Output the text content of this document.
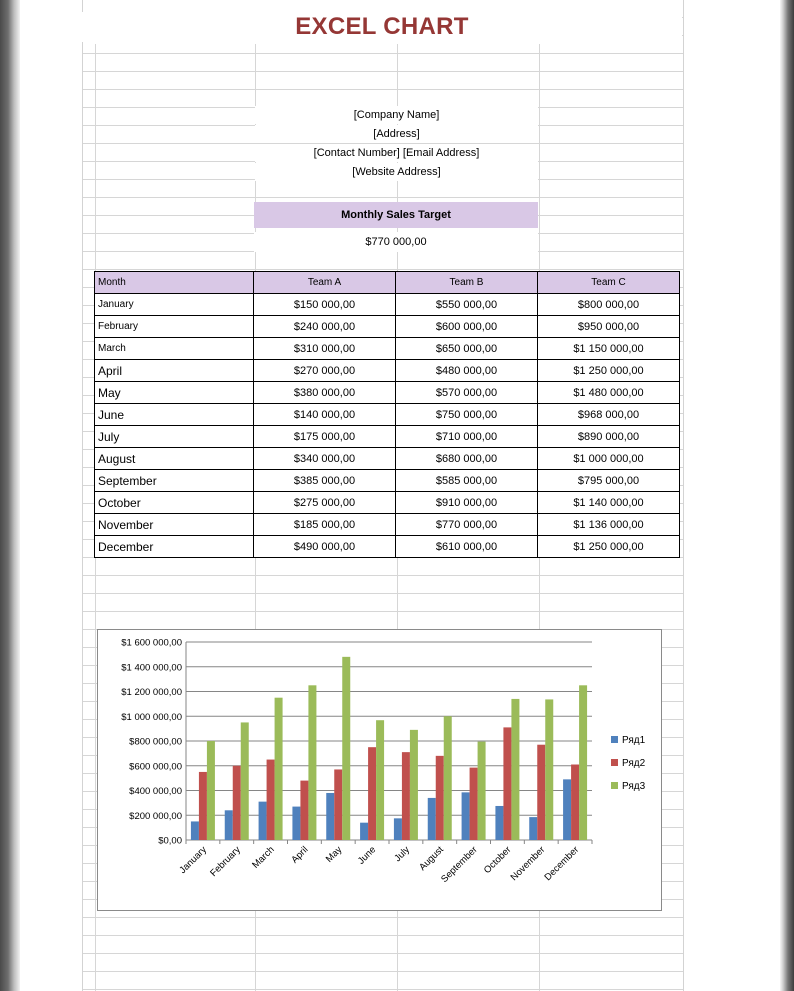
EXCEL CHART
[Company Name]
[Address]
[Contact Number] [Email Address]
[Website Address]
Monthly Sales Target
$770 000,00
Month	Team A	Team B	Team C
January	$150 000,00	$550 000,00	$800 000,00
February	$240 000,00	$600 000,00	$950 000,00
March	$310 000,00	$650 000,00	$1 150 000,00
April	$270 000,00	$480 000,00	$1 250 000,00
May	$380 000,00	$570 000,00	$1 480 000,00
June	$140 000,00	$750 000,00	$968 000,00
July	$175 000,00	$710 000,00	$890 000,00
August	$340 000,00	$680 000,00	$1 000 000,00
September	$385 000,00	$585 000,00	$795 000,00
October	$275 000,00	$910 000,00	$1 140 000,00
November	$185 000,00	$770 000,00	$1 136 000,00
December	$490 000,00	$610 000,00	$1 250 000,00
$0,00
$200 000,00
$400 000,00
$600 000,00
$800 000,00
$1 000 000,00
$1 200 000,00
$1 400 000,00
$1 600 000,00
January February March April May June July August
September October
November
December
Ряд1
Ряд2
Ряд3
